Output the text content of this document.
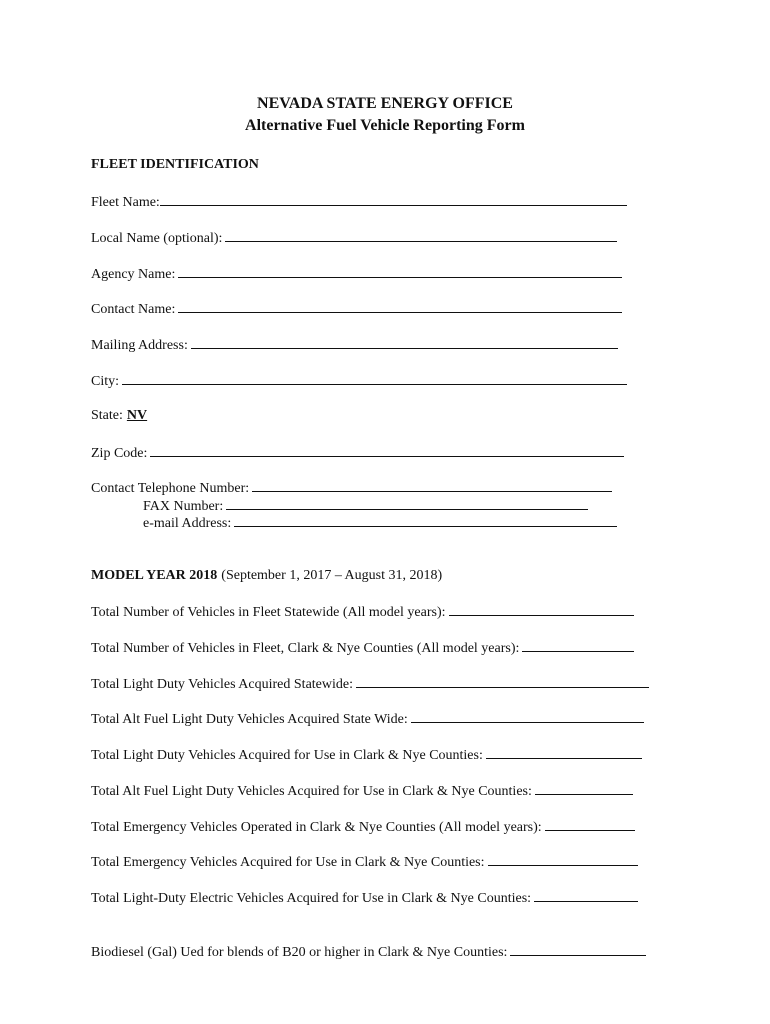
NEVADA STATE ENERGY OFFICE
Alternative Fuel Vehicle Reporting Form
FLEET IDENTIFICATION
Fleet Name:
Local Name (optional):
Agency Name:
Contact Name:
Mailing Address:
City:
State: NV
Zip Code:
Contact Telephone Number:
FAX Number:
e-mail Address:
MODEL YEAR 2018 (September 1, 2017 – August 31, 2018)
Total Number of Vehicles in Fleet Statewide (All model years):
Total Number of Vehicles in Fleet, Clark & Nye Counties (All model years):
Total Light Duty Vehicles Acquired Statewide:
Total Alt Fuel Light Duty Vehicles Acquired State Wide:
Total Light Duty Vehicles Acquired for Use in Clark & Nye Counties:
Total Alt Fuel Light Duty Vehicles Acquired for Use in Clark & Nye Counties:
Total Emergency Vehicles Operated in Clark & Nye Counties (All model years):
Total Emergency Vehicles Acquired for Use in Clark & Nye Counties:
Total Light-Duty Electric Vehicles Acquired for Use in Clark & Nye Counties:
Biodiesel (Gal) Ued for blends of B20 or higher in Clark & Nye Counties:
